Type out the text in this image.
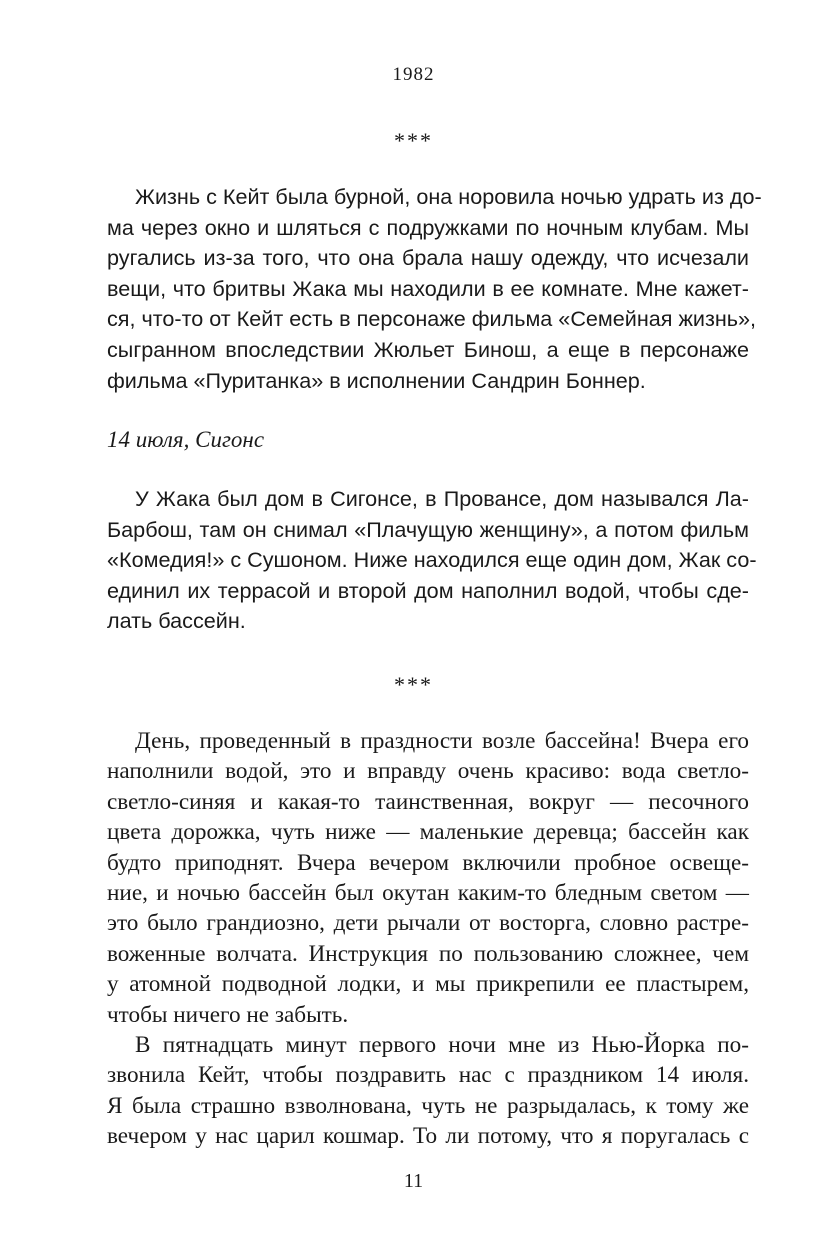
1982
***
Жизнь с Кейт была бурной, она норовила ночью удрать из до-
ма через окно и шляться с подружками по ночным клубам. Мы
ругались из-за того, что она брала нашу одежду, что исчезали
вещи, что бритвы Жака мы находили в ее комнате. Мне кажет-
ся, что-то от Кейт есть в персонаже фильма «Семейная жизнь»,
сыгранном впоследствии Жюльет Бинош, а еще в персонаже
фильма «Пуританка» в исполнении Сандрин Боннер.
14 июля, Сигонс
У Жака был дом в Сигонсе, в Провансе, дом назывался Ла-
Барбош, там он снимал «Плачущую женщину», а потом фильм
«Комедия!» с Сушоном. Ниже находился еще один дом, Жак со-
единил их террасой и второй дом наполнил водой, чтобы сде-
лать бассейн.
***
День, проведенный в праздности возле бассейна! Вчера его
наполнили водой, это и вправду очень красиво: вода светло-
светло-синяя и какая-то таинственная, вокруг — песочного
цвета дорожка, чуть ниже — маленькие деревца; бассейн как
будто приподнят. Вчера вечером включили пробное освеще-
ние, и ночью бассейн был окутан каким-то бледным светом —
это было грандиозно, дети рычали от восторга, словно растре-
воженные волчата. Инструкция по пользованию сложнее, чем
у атомной подводной лодки, и мы прикрепили ее пластырем,
чтобы ничего не забыть.
В пятнадцать минут первого ночи мне из Нью-Йорка по-
звонила Кейт, чтобы поздравить нас с праздником 14 июля.
Я была страшно взволнована, чуть не разрыдалась, к тому же
вечером у нас царил кошмар. То ли потому, что я поругалась с
11
